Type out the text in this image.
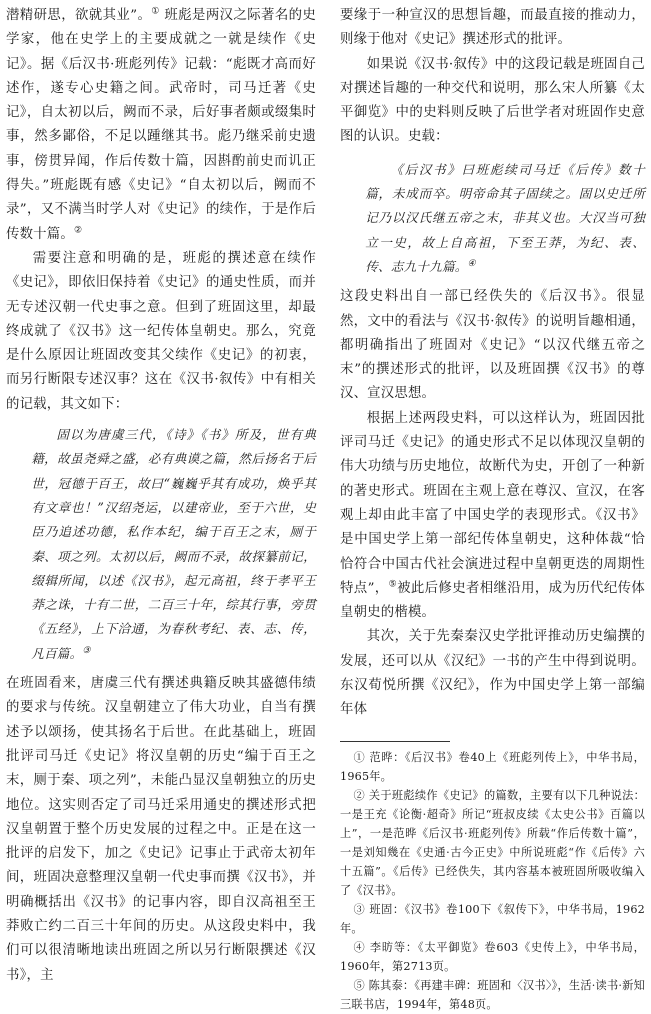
潜精研思，欲就其业”。① 班彪是两汉之际著名的史学家，他在史学上的主要成就之一就是续作《史记》。据《后汉书·班彪列传》记载：“彪既才高而好述作，遂专心史籍之间。武帝时，司马迁著《史记》，自太初以后，阙而不录，后好事者颇或缀集时事，然多鄙俗，不足以踵继其书。彪乃继采前史遗事，傍贯异闻，作后传数十篇，因斟酌前史而讥正得失。”班彪既有感《史记》“自太初以后，阙而不录”，又不满当时学人对《史记》的续作，于是作后传数十篇。②

需要注意和明确的是，班彪的撰述意在续作《史记》，即依旧保持着《史记》的通史性质，而并无专述汉朝一代史事之意。但到了班固这里，却最终成就了《汉书》这一纪传体皇朝史。那么，究竟是什么原因让班固改变其父续作《史记》的初衷，而另行断限专述汉事？这在《汉书·叙传》中有相关的记载，其文如下：

固以为唐虞三代，《诗》《书》所及，世有典籍，故虽尧舜之盛，必有典谟之篇，然后扬名于后世，冠德于百王，故曰“巍巍乎其有成功，焕乎其有文章也！”汉绍尧运，以建帝业，至于六世，史臣乃追述功德，私作本纪，编于百王之末，厕于秦、项之列。太初以后，阙而不录，故探纂前记，缀辑所闻，以述《汉书》，起元高祖，终于孝平王莽之诛，十有二世，二百三十年，综其行事，旁贯《五经》，上下洽通，为春秋考纪、表、志、传，凡百篇。③

在班固看来，唐虞三代有撰述典籍反映其盛德伟绩的要求与传统。汉皇朝建立了伟大功业，自当有撰述予以颂扬，使其扬名于后世。在此基础上，班固批评司马迁《史记》将汉皇朝的历史“编于百王之末，厕于秦、项之列”，未能凸显汉皇朝独立的历史地位。这实则否定了司马迁采用通史的撰述形式把汉皇朝置于整个历史发展的过程之中。正是在这一批评的启发下，加之《史记》记事止于武帝太初年间，班固决意整理汉皇朝一代史事而撰《汉书》，并明确概括出《汉书》的记事内容，即自汉高祖至王莽败亡约二百三十年间的历史。从这段史料中，我们可以很清晰地读出班固之所以另行断限撰述《汉书》，主

要缘于一种宣汉的思想旨趣，而最直接的推动力，则缘于他对《史记》撰述形式的批评。

如果说《汉书·叙传》中的这段记载是班固自己对撰述旨趣的一种交代和说明，那么宋人所纂《太平御览》中的史料则反映了后世学者对班固作史意图的认识。史载：

《后汉书》曰班彪续司马迁《后传》数十篇，未成而卒。明帝命其子固续之。固以史迁所记乃以汉氏继五帝之末，非其义也。大汉当可独立一史，故上自高祖，下至王莽，为纪、表、传、志九十九篇。④

这段史料出自一部已经佚失的《后汉书》。很显然，文中的看法与《汉书·叙传》的说明旨趣相通，都明确指出了班固对《史记》“以汉代继五帝之末”的撰述形式的批评，以及班固撰《汉书》的尊汉、宣汉思想。

根据上述两段史料，可以这样认为，班固因批评司马迁《史记》的通史形式不足以体现汉皇朝的伟大功绩与历史地位，故断代为史，开创了一种新的著史形式。班固在主观上意在尊汉、宣汉，在客观上却由此丰富了中国史学的表现形式。《汉书》是中国史学上第一部纪传体皇朝史，这种体裁“恰恰符合中国古代社会演进过程中皇朝更迭的周期性特点”，⑤被此后修史者相继沿用，成为历代纪传体皇朝史的楷模。

其次，关于先秦秦汉史学批评推动历史编撰的发展，还可以从《汉纪》一书的产生中得到说明。东汉荀悦所撰《汉纪》，作为中国史学上第一部编年体

① 范晔：《后汉书》卷40上《班彪列传上》，中华书局，1965年。

② 关于班彪续作《史记》的篇数，主要有以下几种说法：一是王充《论衡·超奇》所记“班叔皮续《太史公书》百篇以上”，一是范晔《后汉书·班彪列传》所载“作后传数十篇”，一是刘知幾在《史通·古今正史》中所说班彪“作《后传》六十五篇”。《后传》已经佚失，其内容基本被班固所吸收编入了《汉书》。

③ 班固：《汉书》卷100下《叙传下》，中华书局，1962年。

④ 李昉等：《太平御览》卷603《史传上》，中华书局，1960年，第2713页。

⑤ 陈其泰：《再建丰碑：班固和〈汉书〉》，生活·读书·新知三联书店，1994年，第48页。
